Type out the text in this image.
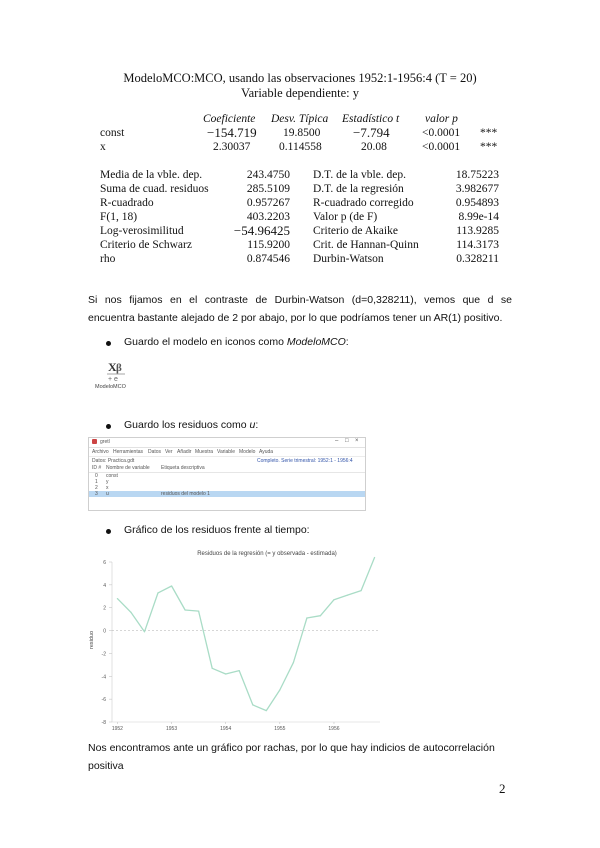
ModeloMCO:MCO, usando las observaciones 1952:1-1956:4 (T = 20)
Variable dependiente: y
Coeficiente Desv. Típica Estadístico t valor p
const	−154.719 19.8500	−7.794	<0.0001 ***
x	2.30037 0.114558	20.08	<0.0001 ***
Media de la vble. dep.	243.4750 D.T. de la vble. dep.	18.75223
Suma de cuad. residuos	285.5109 D.T. de la regresión	3.982677
R-cuadrado	0.957267 R-cuadrado corregido	0.954893
F(1, 18)	403.2203 Valor p (de F)	8.99e-14
Log-verosimilitud	−54.96425 Criterio de Akaike	113.9285
Criterio de Schwarz	115.9200 Crit. de Hannan-Quinn	114.3173
rho	0.874546 Durbin-Watson	0.328211
Si nos fijamos en el contraste de Durbin-Watson (d=0,328211), vemos que d se
encuentra bastante alejado de 2 por abajo, por lo que podríamos tener un AR(1) positivo.
Guardo el modelo en iconos como ModeloMCO:
X β
+ e
ModeloMCO
Guardo los residuos como u:
gretl	– □ ×
Archivo Herramientas Datos Ver Añadir Muestra Variable Modelo Ayuda
Datos: Practica.gdt	Completo. Serie trimestral: 1952:1 - 1956:4
ID # Nombre de variable Etiqueta descriptiva
0 const
1 y
2 x
3 u	residuos del modelo 1
Gráfico de los residuos frente al tiempo:
Residuos de la regresión (= y observada - estimada)
residuo
6
4
2
0
-2
-4
-6
-8
1952	1953	1954	1955	1956
Nos encontramos ante un gráfico por rachas, por lo que hay indicios de autocorrelación
positiva
2
